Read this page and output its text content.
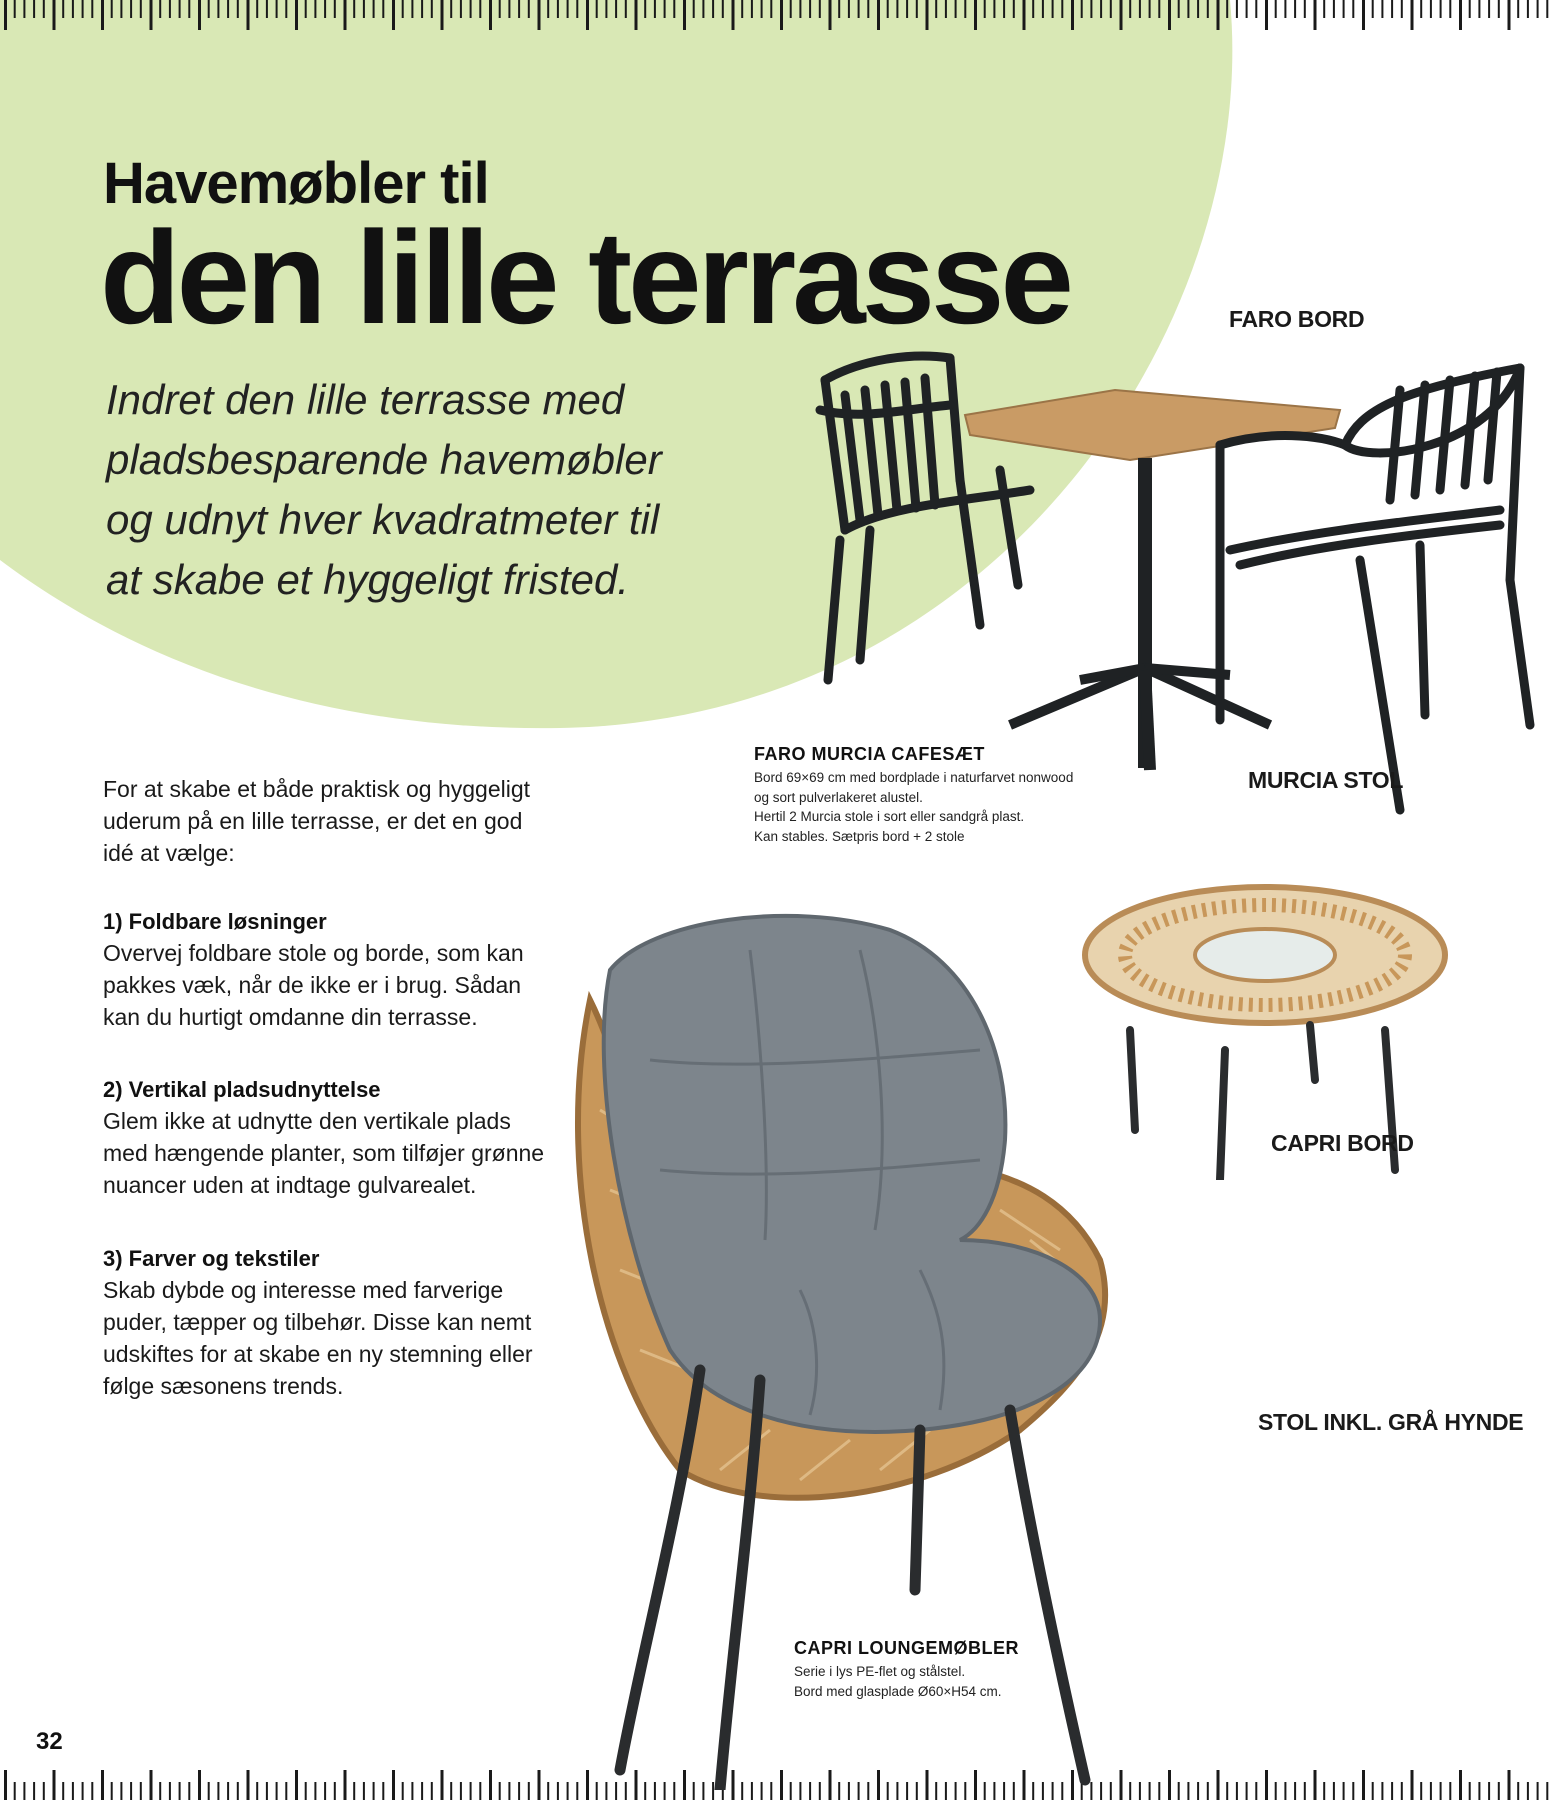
Havemøbler til
den lille terrasse
Indret den lille terrasse med
pladsbesparende havemøbler
og udnyt hver kvadratmeter til
at skabe et hyggeligt fristed.
For at skabe et både praktisk og hyggeligt
uderum på en lille terrasse, er det en god
idé at vælge:
1) Foldbare løsninger
Overvej foldbare stole og borde, som kan
pakkes væk, når de ikke er i brug. Sådan
kan du hurtigt omdanne din terrasse.
2) Vertikal pladsudnyttelse
Glem ikke at udnytte den vertikale plads
med hængende planter, som tilføjer grønne
nuancer uden at indtage gulvarealet.
3) Farver og tekstiler
Skab dybde og interesse med farverige
puder, tæpper og tilbehør. Disse kan nemt
udskiftes for at skabe en ny stemning eller
følge sæsonens trends.
FARO MURCIA CAFESÆT
Bord 69×69 cm med bordplade i naturfarvet nonwood
og sort pulverlakeret alustel.
Hertil 2 Murcia stole i sort eller sandgrå plast.
Kan stables. Sætpris bord + 2 stole
CAPRI LOUNGEMØBLER
Serie i lys PE-flet og stålstel.
Bord med glasplade Ø60×H54 cm.
FARO BORD
MURCIA STOL
CAPRI BORD
STOL INKL. GRÅ HYNDE
32
